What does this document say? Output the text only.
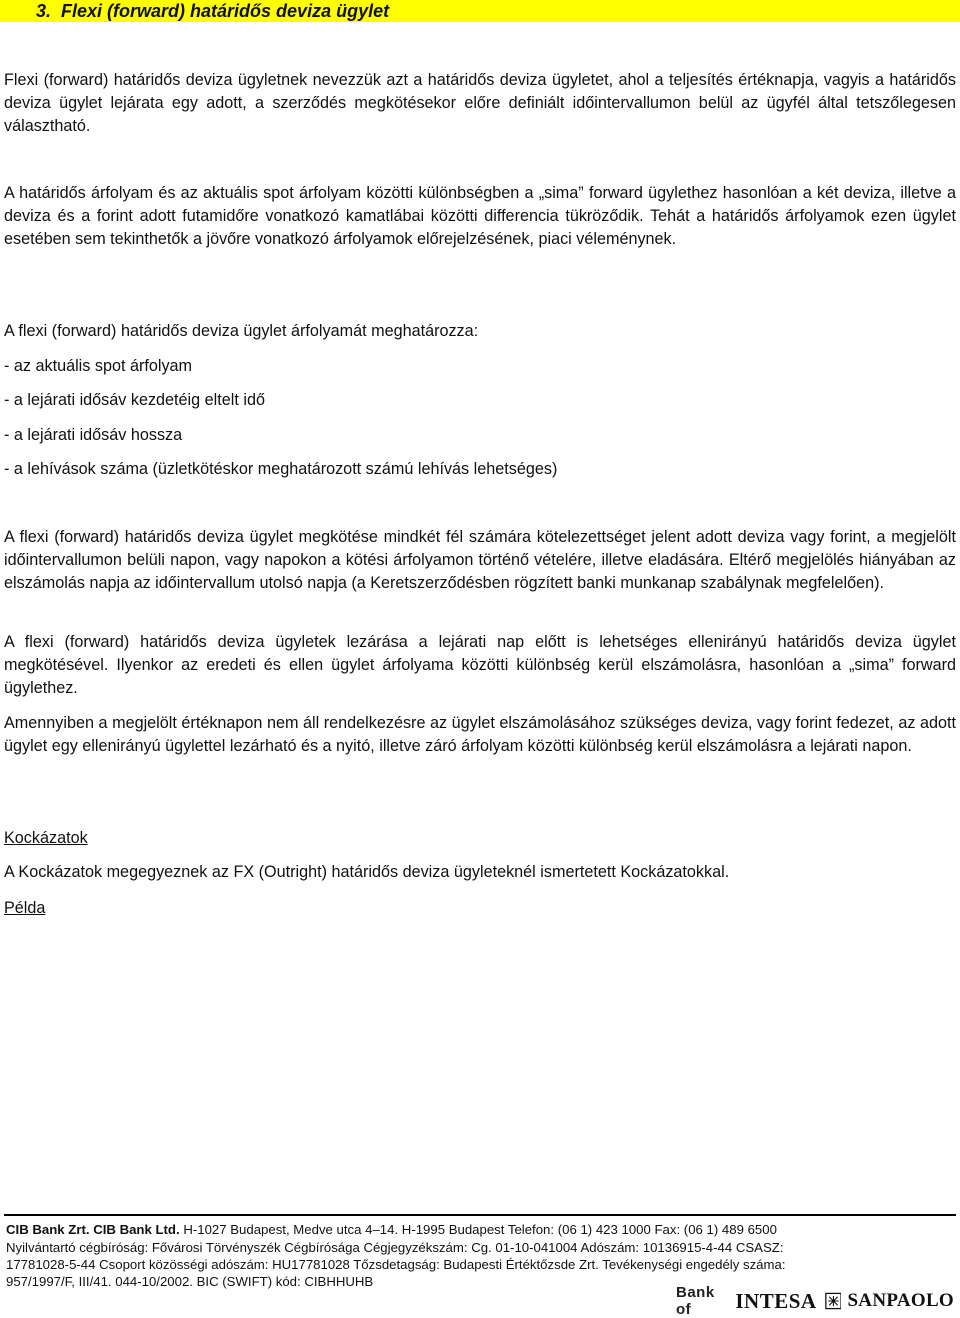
3. Flexi (forward) határidős deviza ügylet
Flexi (forward) határidős deviza ügyletnek nevezzük azt a határidős deviza ügyletet, ahol a teljesítés értéknapja, vagyis a határidős deviza ügylet lejárata egy adott, a szerződés megkötésekor előre definiált időintervallumon belül az ügyfél által tetszőlegesen választható.
A határidős árfolyam és az aktuális spot árfolyam közötti különbségben a „sima” forward ügylethez hasonlóan a két deviza, illetve a deviza és a forint adott futamidőre vonatkozó kamatlábai közötti differencia tükröződik. Tehát a határidős árfolyamok ezen ügylet esetében sem tekinthetők a jövőre vonatkozó árfolyamok előrejelzésének, piaci véleménynek.
A flexi (forward) határidős deviza ügylet árfolyamát meghatározza:
- az aktuális spot árfolyam
- a lejárati idősáv kezdetéig eltelt idő
- a lejárati idősáv hossza
- a lehívások száma (üzletkötéskor meghatározott számú lehívás lehetséges)
A flexi (forward) határidős deviza ügylet megkötése mindkét fél számára kötelezettséget jelent adott deviza vagy forint, a megjelölt időintervallumon belüli napon, vagy napokon a kötési árfolyamon történő vételére, illetve eladására. Eltérő megjelölés hiányában az elszámolás napja az időintervallum utolsó napja (a Keretszerződésben rögzített banki munkanap szabálynak megfelelően).
A flexi (forward) határidős deviza ügyletek lezárása a lejárati nap előtt is lehetséges ellenirányú határidős deviza ügylet megkötésével. Ilyenkor az eredeti és ellen ügylet árfolyama közötti különbség kerül elszámolásra, hasonlóan a „sima” forward ügylethez.
Amennyiben a megjelölt értéknapon nem áll rendelkezésre az ügylet elszámolásához szükséges deviza, vagy forint fedezet, az adott ügylet egy ellenirányú ügylettel lezárható és a nyitó, illetve záró árfolyam közötti különbség kerül elszámolásra a lejárati napon.
Kockázatok
A Kockázatok megegyeznek az FX (Outright) határidős deviza ügyleteknél ismertetett Kockázatokkal.
Példa
CIB Bank Zrt. CIB Bank Ltd. H-1027 Budapest, Medve utca 4–14. H-1995 Budapest Telefon: (06 1) 423 1000 Fax: (06 1) 489 6500
Nyilvántartó cégbíróság: Fővárosi Törvényszék Cégbírósága Cégjegyzékszám: Cg. 01-10-041004 Adószám: 10136915-4-44 CSASZ:
17781028-5-44 Csoport közösségi adószám: HU17781028 Tőzsdetagság: Budapesti Értéktőzsde Zrt. Tevékenységi engedély száma:
957/1997/F, III/41. 044-10/2002. BIC (SWIFT) kód: CIBHHUHB
Bank of	INTESA SANPAOLO
